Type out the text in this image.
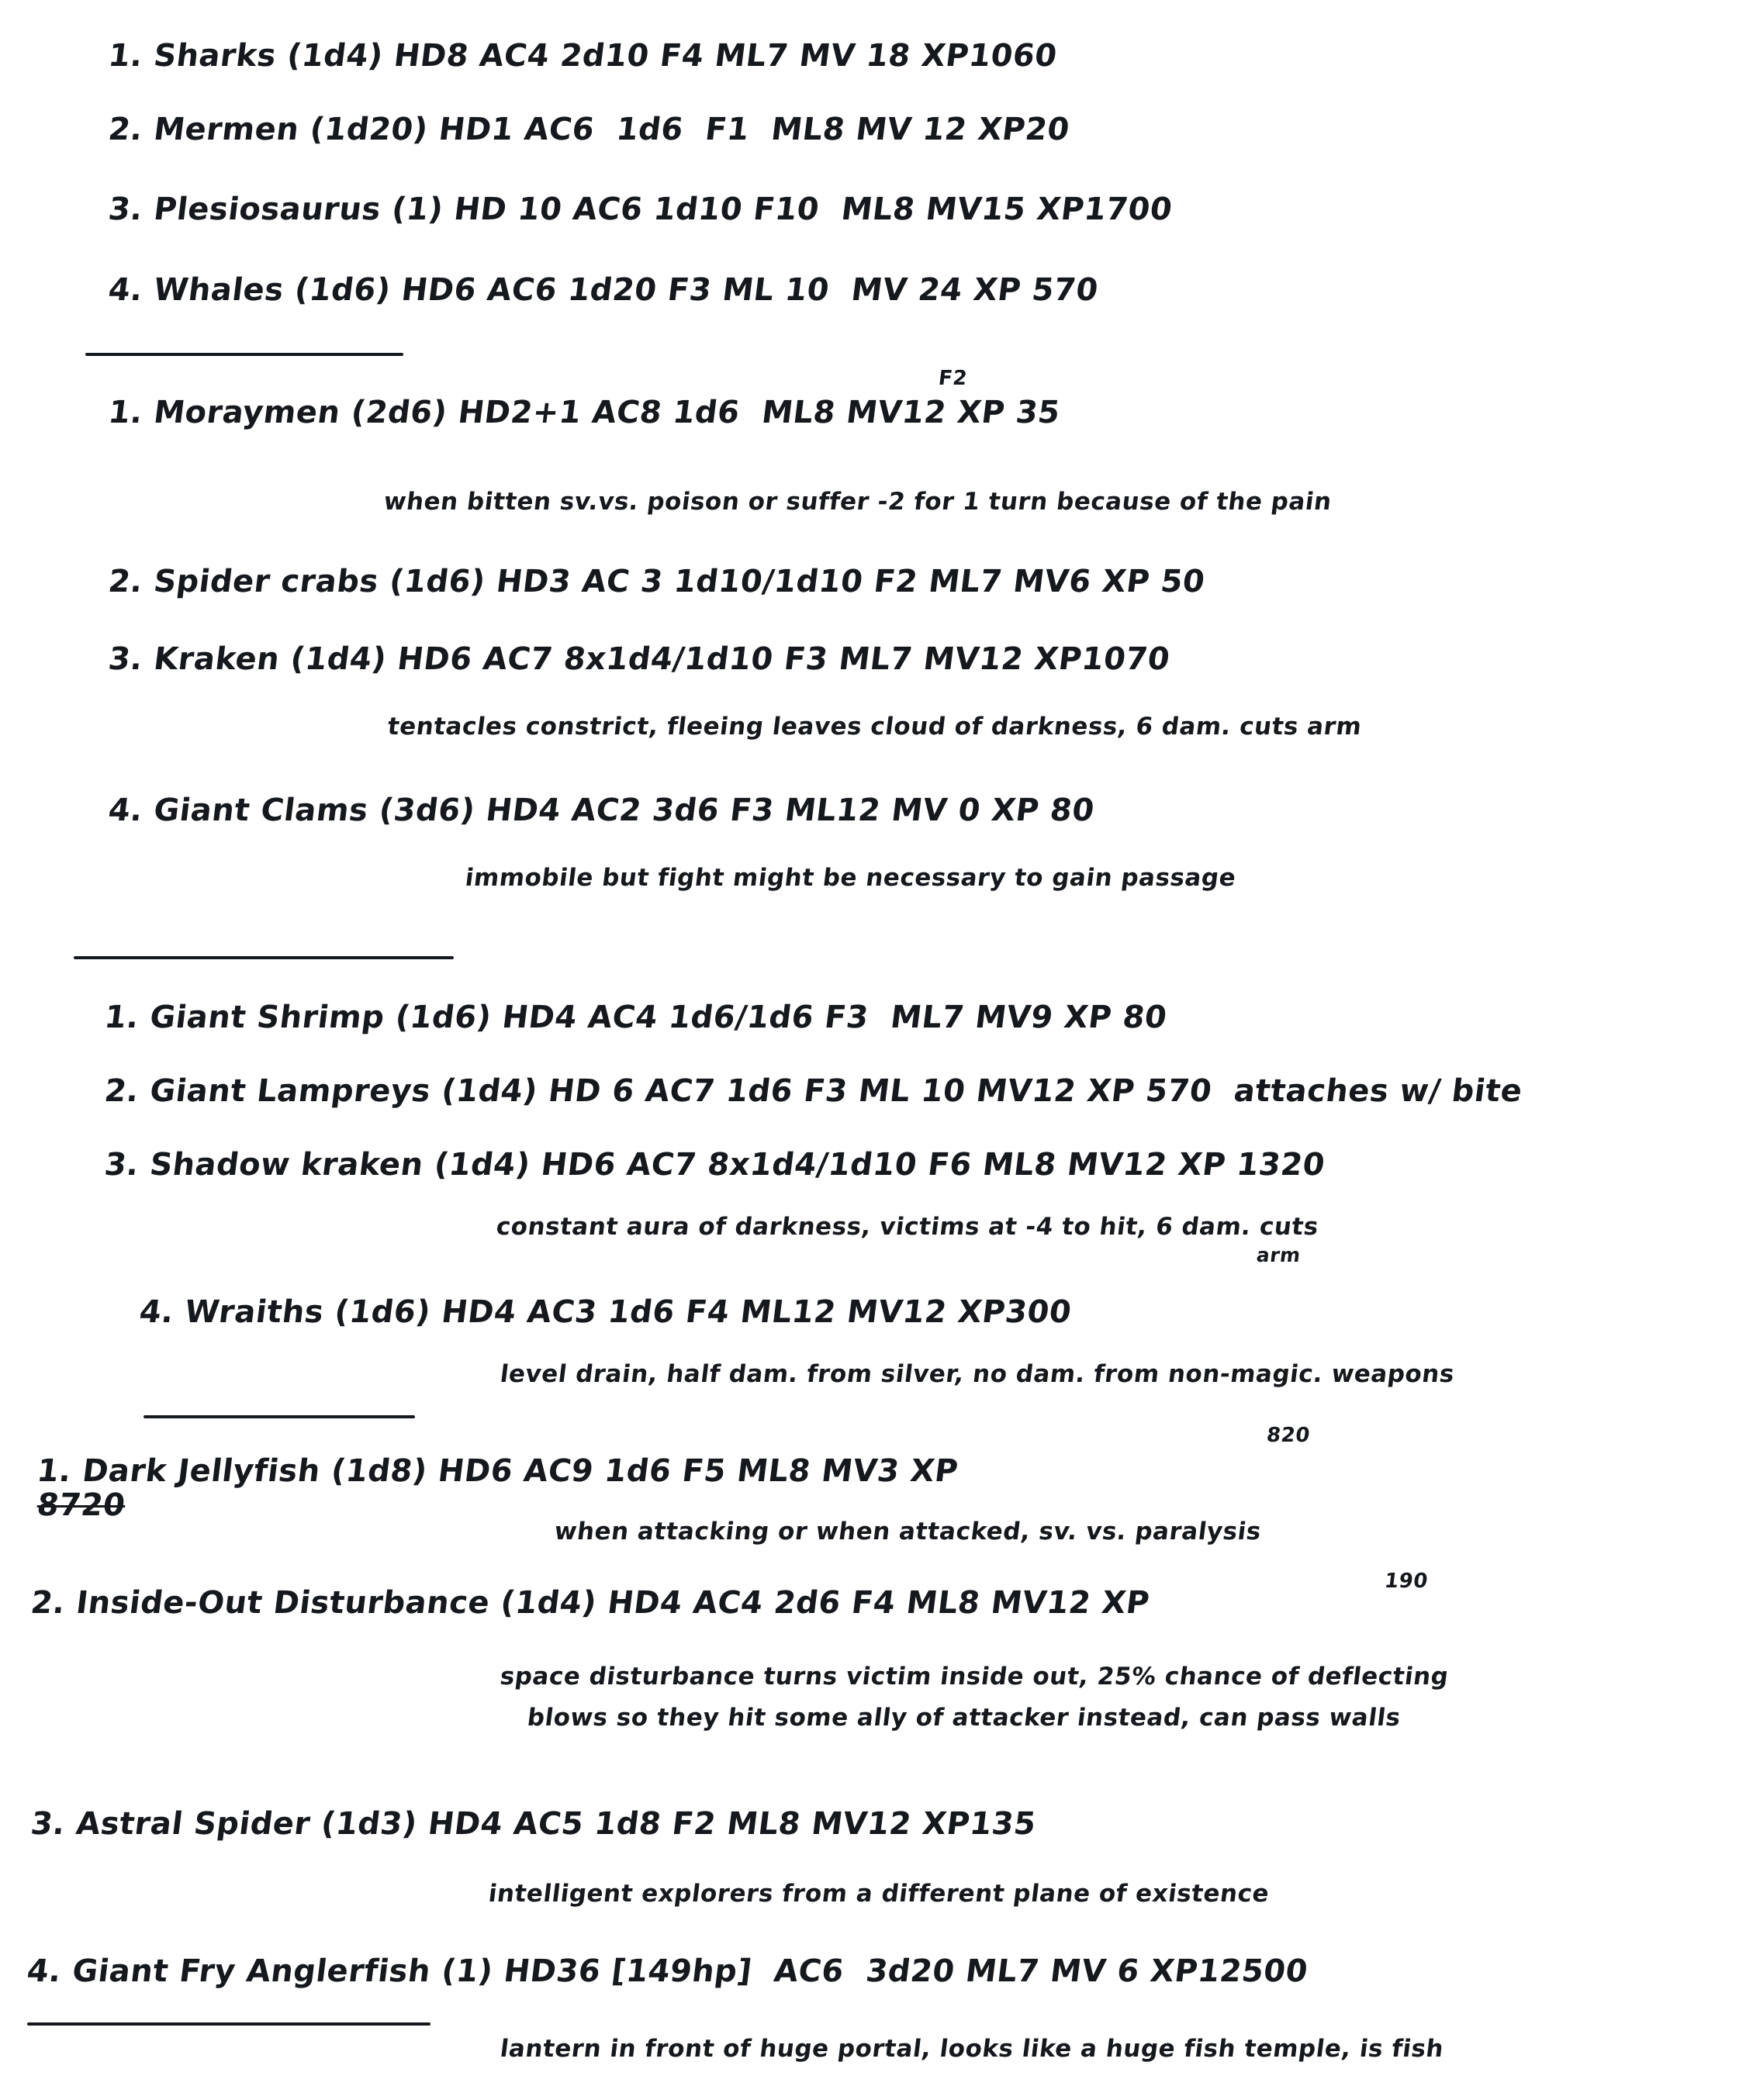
1. Sharks (1d4) HD8 AC4 2d10 F4 ML7 MV 18 XP1060
2. Mermen (1d20) HD1 AC6  1d6  F1  ML8 MV 12 XP20
3. Plesiosaurus (1) HD 10 AC6 1d10 F10  ML8 MV15 XP1700
4. Whales (1d6) HD6 AC6 1d20 F3 ML 10  MV 24 XP 570
1. Moraymen (2d6) HD2+1 AC8 1d6  ML8 MV12 XP 35
F2
when bitten sv.vs. poison or suffer -2 for 1 turn because of the pain
2. Spider crabs (1d6) HD3 AC 3 1d10/1d10 F2 ML7 MV6 XP 50
3. Kraken (1d4) HD6 AC7 8x1d4/1d10 F3 ML7 MV12 XP1070
tentacles constrict, fleeing leaves cloud of darkness, 6 dam. cuts arm
4. Giant Clams (3d6) HD4 AC2 3d6 F3 ML12 MV 0 XP 80
immobile but fight might be necessary to gain passage
1. Giant Shrimp (1d6) HD4 AC4 1d6/1d6 F3  ML7 MV9 XP 80
2. Giant Lampreys (1d4) HD 6 AC7 1d6 F3 ML 10 MV12 XP 570  attaches w/ bite
3. Shadow kraken (1d4) HD6 AC7 8x1d4/1d10 F6 ML8 MV12 XP 1320
constant aura of darkness, victims at -4 to hit, 6 dam. cuts
arm
4. Wraiths (1d6) HD4 AC3 1d6 F4 ML12 MV12 XP300
level drain, half dam. from silver, no dam. from non-magic. weapons
1. Dark Jellyfish (1d8) HD6 AC9 1d6 F5 ML8 MV3 XP 8720
820
when attacking or when attacked, sv. vs. paralysis
2. Inside-Out Disturbance (1d4) HD4 AC4 2d6 F4 ML8 MV12 XP
190
space disturbance turns victim inside out, 25% chance of deflecting
blows so they hit some ally of attacker instead, can pass walls
3. Astral Spider (1d3) HD4 AC5 1d8 F2 ML8 MV12 XP135
intelligent explorers from a different plane of existence
4. Giant Fry Anglerfish (1) HD36 [149hp]  AC6  3d20 ML7 MV 6 XP12500
lantern in front of huge portal, looks like a huge fish temple, is fish
